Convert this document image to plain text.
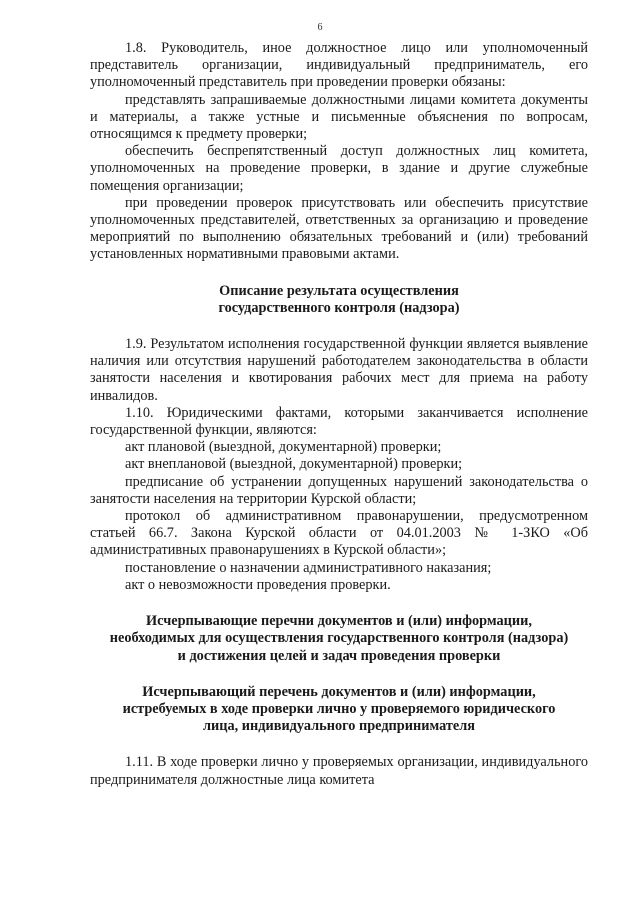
6

1.8. Руководитель, иное должностное лицо или уполномоченный представитель организации, индивидуальный предприниматель, его уполномоченный представитель при проведении проверки обязаны:

представлять запрашиваемые должностными лицами комитета документы и материалы, а также устные и письменные объяснения по вопросам, относящимся к предмету проверки;

обеспечить беспрепятственный доступ должностных лиц комитета, уполномоченных на проведение проверки, в здание и другие служебные помещения организации;

при проведении проверок присутствовать или обеспечить присутствие уполномоченных представителей, ответственных за организацию и проведение мероприятий по выполнению обязательных требований и (или) требований установленных нормативными правовыми актами.

Описание результата осуществления
государственного контроля (надзора)

1.9. Результатом исполнения государственной функции является выявление наличия или отсутствия нарушений работодателем законодательства в области занятости населения и квотирования рабочих мест для приема на работу инвалидов.

1.10. Юридическими фактами, которыми заканчивается исполнение государственной функции, являются:

акт плановой (выездной, документарной) проверки;

акт внеплановой (выездной, документарной) проверки;

предписание об устранении допущенных нарушений законодательства о занятости населения на территории Курской области;

протокол об административном правонарушении, предусмотренном статьей 66.7. Закона Курской области от 04.01.2003 № 1-ЗКО «Об административных правонарушениях в Курской области»;

постановление о назначении административного наказания;

акт о невозможности проведения проверки.

Исчерпывающие перечни документов и (или) информации,
необходимых для осуществления государственного контроля (надзора)
и достижения целей и задач проведения проверки
Исчерпывающий перечень документов и (или) информации,
истребуемых в ходе проверки лично у проверяемого юридического
лица, индивидуального предпринимателя

1.11. В ходе проверки лично у проверяемых организации, индивидуального предпринимателя должностные лица комитета
